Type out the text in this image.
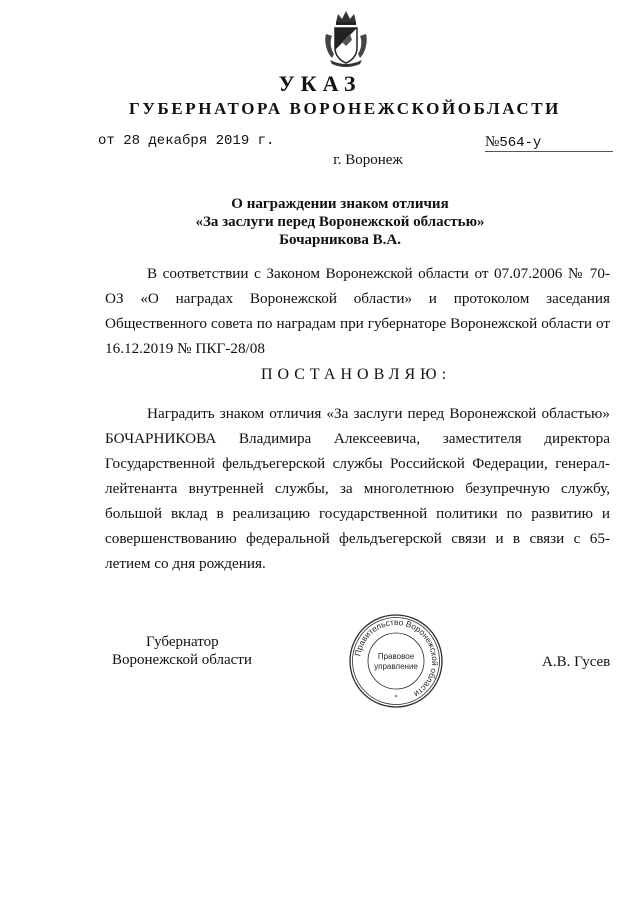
УКАЗ
ГУБЕРНАТОРА ВОРОНЕЖСКОЙОБЛАСТИ
от 28 декабря 2019 г.	№564-у
г. Воронеж
О награждении знаком отличия
«За заслуги перед Воронежской областью»
Бочарникова В.А.

В соответствии с Законом Воронежской области от 07.07.2006 № 70-ОЗ «О наградах Воронежской области» и протоколом заседания Общественного совета по наградам при губернаторе Воронежской области от 16.12.2019 № ПКГ-28/08

ПОСТАНОВЛЯЮ:

Наградить знаком отличия «За заслуги перед Воронежской областью» БОЧАРНИКОВА Владимира Алексеевича, заместителя директора Государственной фельдъегерской службы Российской Федерации, генерал-лейтенанта внутренней службы, за многолетнюю безупречную службу, большой вклад в реализацию государственной политики по развитию и совершенствованию федеральной фельдъегерской связи и в связи с 65-летием со дня рождения.

Губернатор
Воронежской области	А.В. Гусев
Правительство Воронежской области
Правовое
управление
*
